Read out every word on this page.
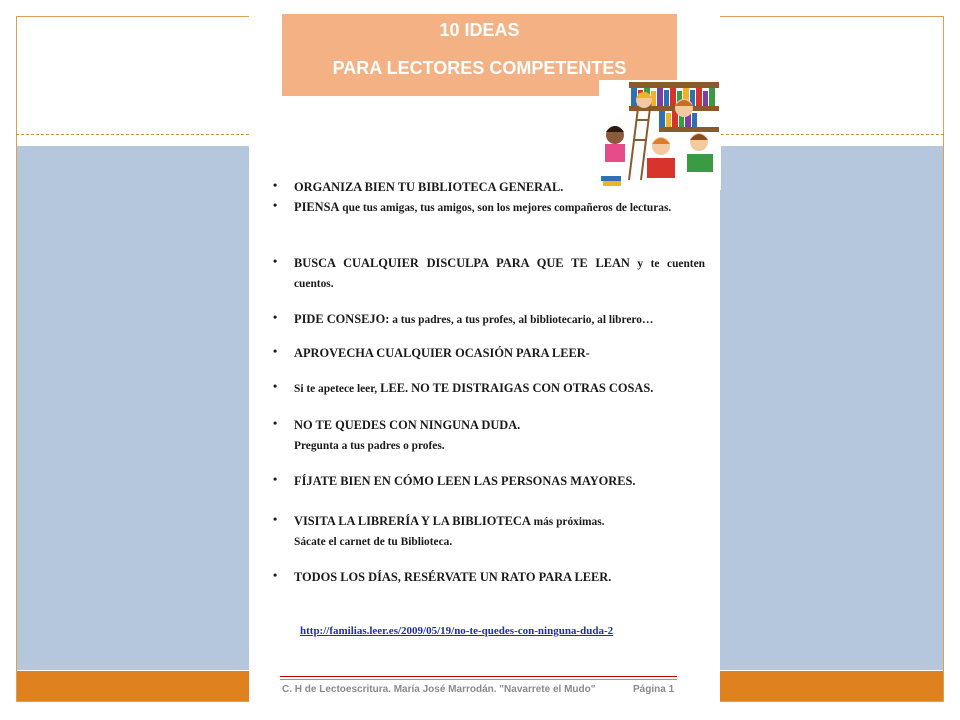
10 IDEAS
PARA LECTORES COMPETENTES
• ORGANIZA BIEN TU BIBLIOTECA GENERAL.
• PIENSA que tus amigas, tus amigos, son los mejores compañeros de lecturas.
• BUSCA CUALQUIER DISCULPA PARA QUE TE LEAN y te cuenten cuentos.
• PIDE CONSEJO: a tus padres, a tus profes, al bibliotecario, al librero…
• APROVECHA CUALQUIER OCASIÓN PARA LEER-
• Si te apetece leer, LEE. NO TE DISTRAIGAS CON OTRAS COSAS.
• NO TE QUEDES CON NINGUNA DUDA.
Pregunta a tus padres o profes.
• FÍJATE BIEN EN CÓMO LEEN LAS PERSONAS MAYORES.
• VISITA LA LIBRERÍA Y LA BIBLIOTECA más próximas.
Sácate el carnet de tu Biblioteca.
• TODOS LOS DÍAS, RESÉRVATE UN RATO PARA LEER.
http://familias.leer.es/2009/05/19/no-te-quedes-con-ninguna-duda-2
C. H de Lectoescritura. María José Marrodán. "Navarrete el Mudo"	Página 1
